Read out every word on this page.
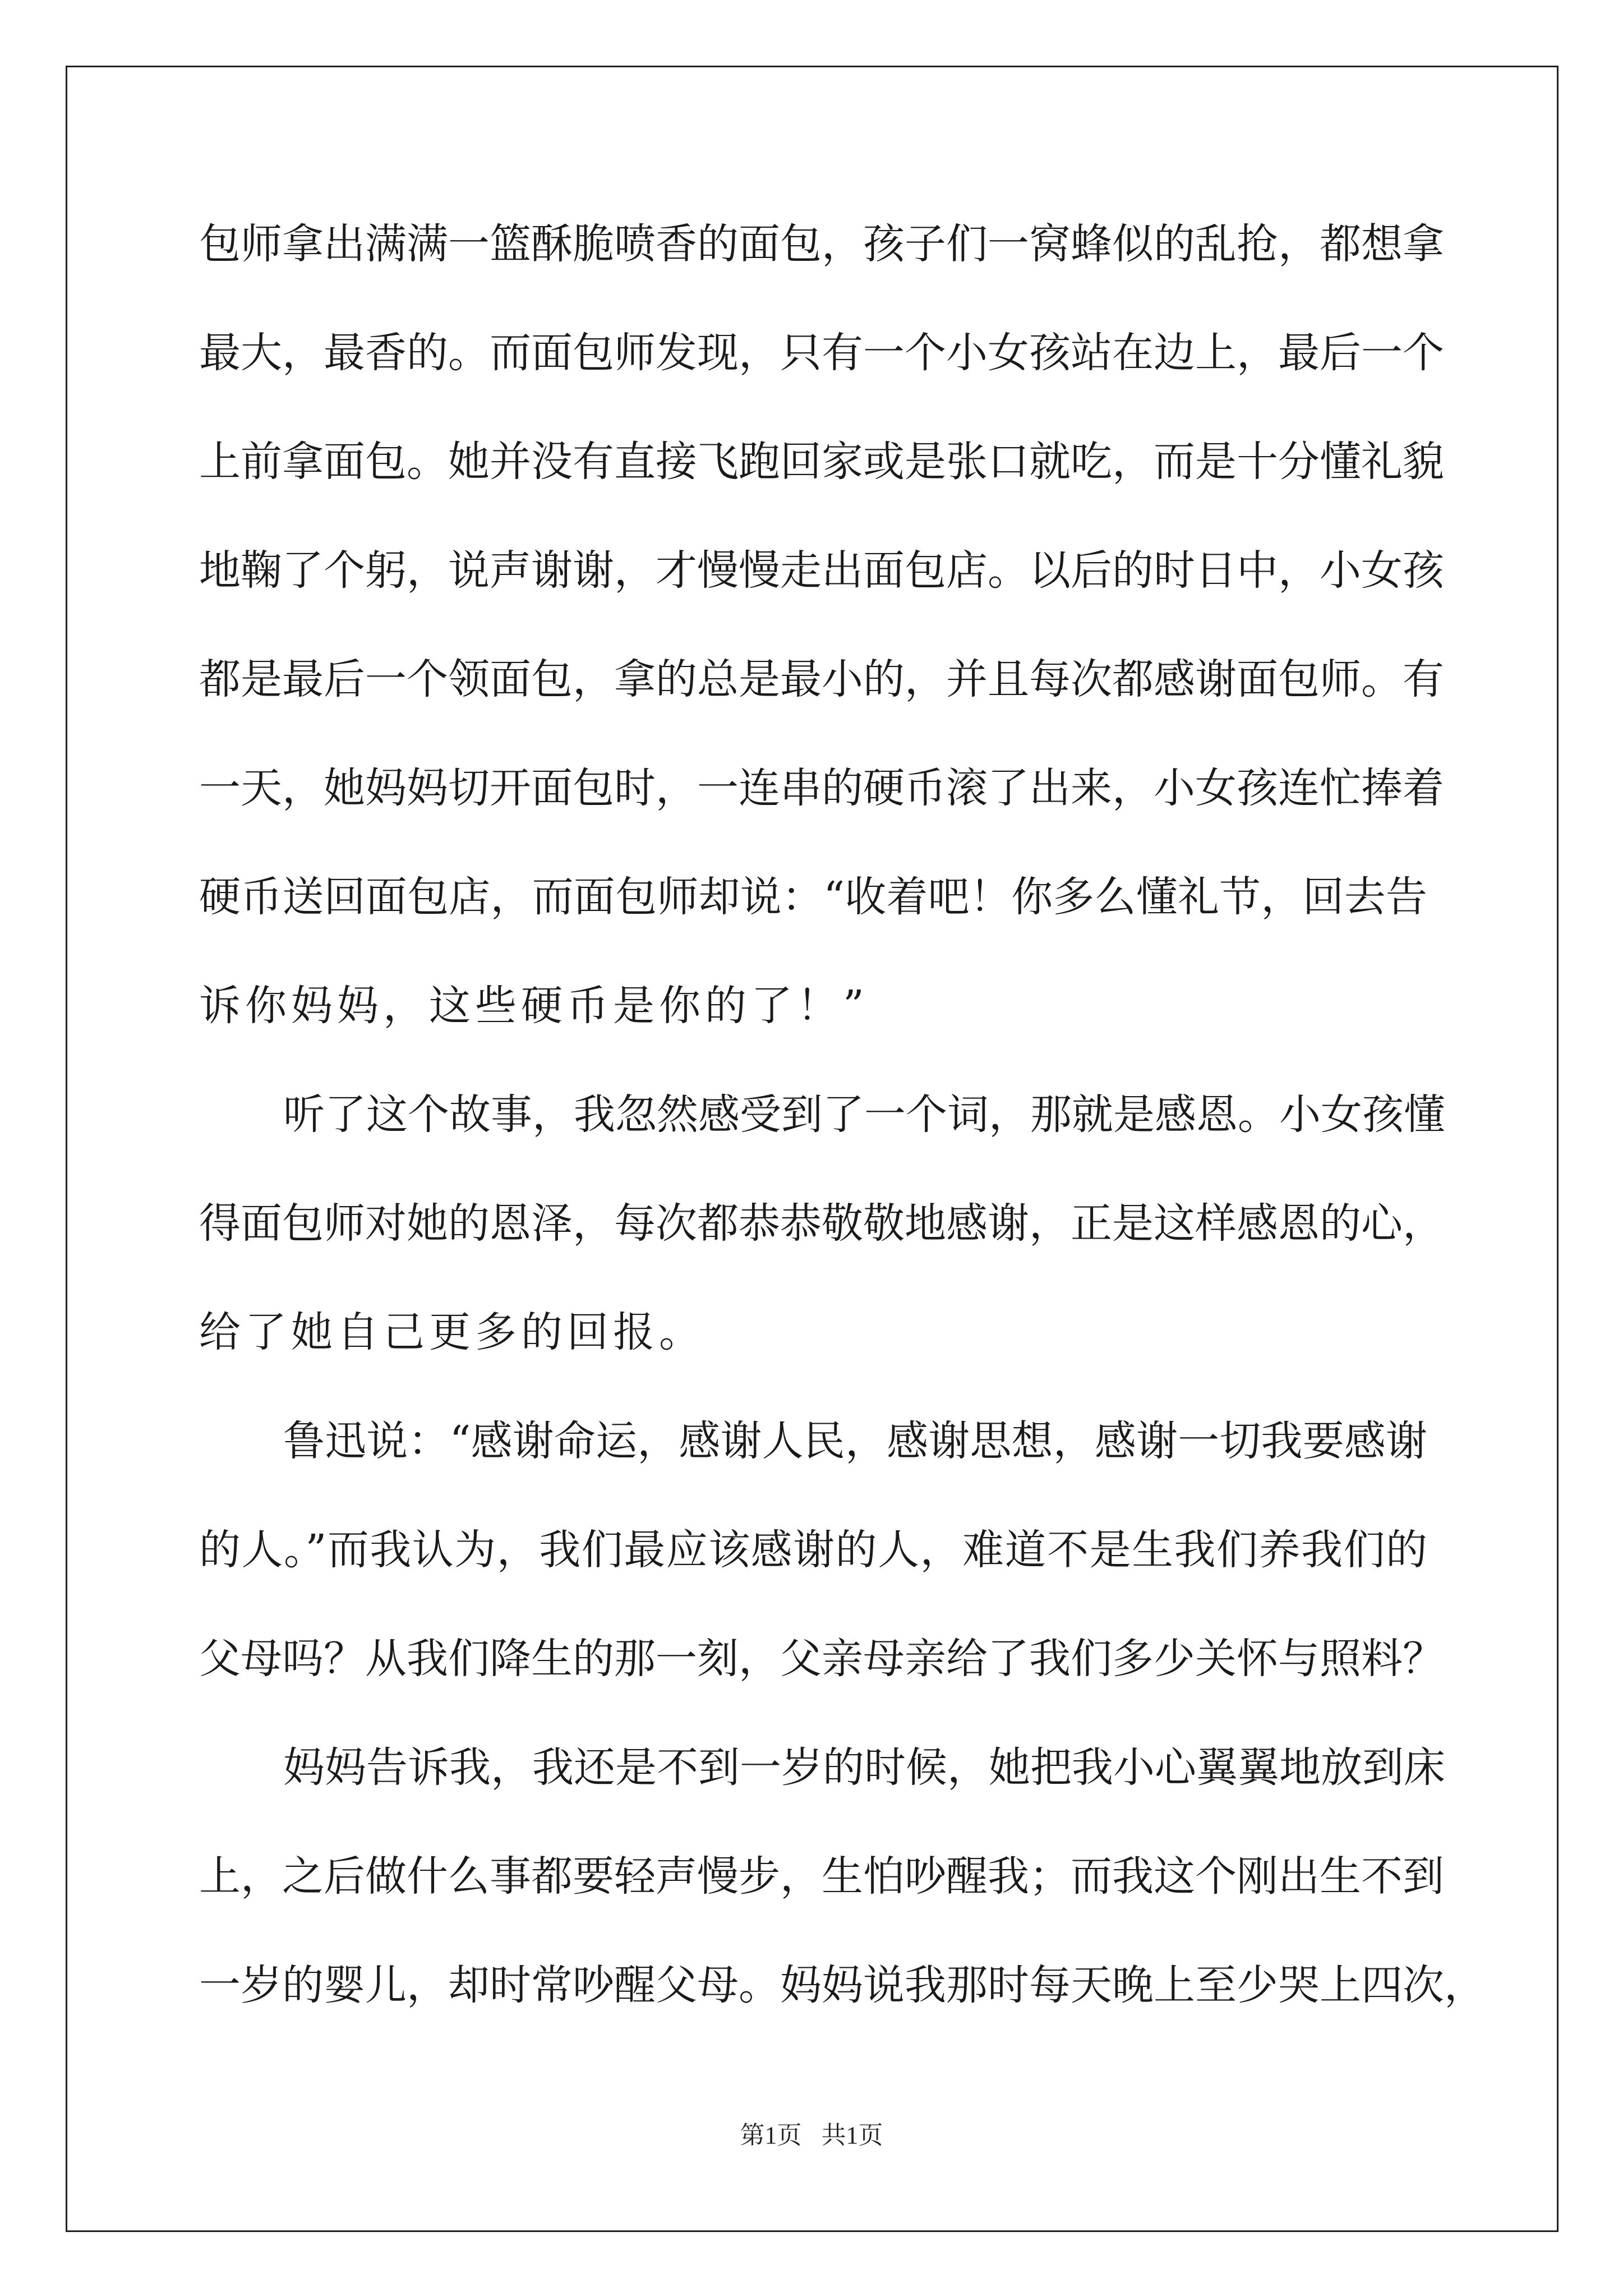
包师拿出满满一篮酥脆喷香的面包，孩子们一窝蜂似的乱抢，都想拿
最大，最香的。而面包师发现，只有一个小女孩站在边上，最后一个
上前拿面包。她并没有直接飞跑回家或是张口就吃，而是十分懂礼貌
地鞠了个躬，说声谢谢，才慢慢走出面包店。以后的时日中，小女孩
都是最后一个领面包，拿的总是最小的，并且每次都感谢面包师。有
一天，她妈妈切开面包时，一连串的硬币滚了出来，小女孩连忙捧着
硬币送回面包店，而面包师却说：“收着吧！你多么懂礼节，回去告
诉你妈妈，这些硬币是你的了！”
听了这个故事，我忽然感受到了一个词，那就是感恩。小女孩懂
得面包师对她的恩泽，每次都恭恭敬敬地感谢，正是这样感恩的心，
给了她自己更多的回报。
鲁迅说：“感谢命运，感谢人民，感谢思想，感谢一切我要感谢
的人。”而我认为，我们最应该感谢的人，难道不是生我们养我们的
父母吗？从我们降生的那一刻，父亲母亲给了我们多少关怀与照料？
妈妈告诉我，我还是不到一岁的时候，她把我小心翼翼地放到床
上，之后做什么事都要轻声慢步，生怕吵醒我；而我这个刚出生不到
一岁的婴儿，却时常吵醒父母。妈妈说我那时每天晚上至少哭上四次，
第1页 共1页
